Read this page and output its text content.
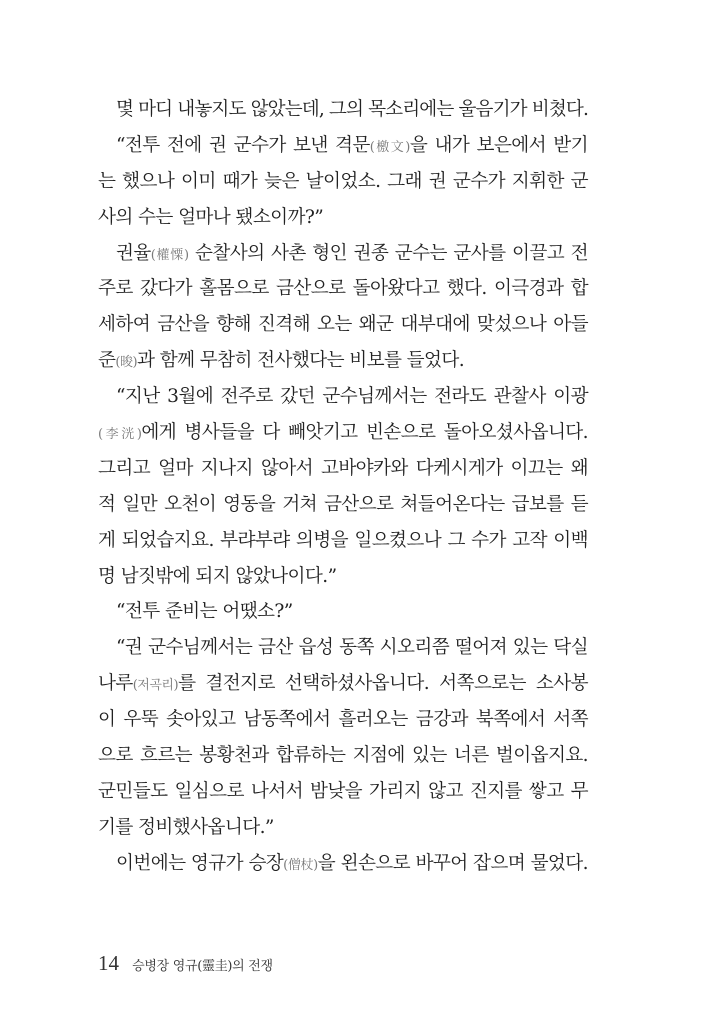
몇 마디 내놓지도 않았는데, 그의 목소리에는 울음기가 비쳤다.
“전투 전에 권 군수가 보낸 격문(檄文)을 내가 보은에서 받기
는 했으나 이미 때가 늦은 날이었소. 그래 권 군수가 지휘한 군
사의 수는 얼마나 됐소이까?”
권율(權慄) 순찰사의 사촌 형인 권종 군수는 군사를 이끌고 전
주로 갔다가 홀몸으로 금산으로 돌아왔다고 했다. 이극경과 합
세하여 금산을 향해 진격해 오는 왜군 대부대에 맞섰으나 아들
준(晙)과 함께 무참히 전사했다는 비보를 들었다.
“지난 3월에 전주로 갔던 군수님께서는 전라도 관찰사 이광
(李洸)에게 병사들을 다 빼앗기고 빈손으로 돌아오셨사옵니다.
그리고 얼마 지나지 않아서 고바야카와 다케시게가 이끄는 왜
적 일만 오천이 영동을 거쳐 금산으로 쳐들어온다는 급보를 듣
게 되었습지요. 부랴부랴 의병을 일으켰으나 그 수가 고작 이백
명 남짓밖에 되지 않았나이다.”
“전투 준비는 어땠소?”
“권 군수님께서는 금산 읍성 동쪽 시오리쯤 떨어져 있는 닥실
나루(저곡리)를 결전지로 선택하셨사옵니다. 서쪽으로는 소사봉
이 우뚝 솟아있고 남동쪽에서 흘러오는 금강과 북쪽에서 서쪽
으로 흐르는 봉황천과 합류하는 지점에 있는 너른 벌이옵지요.
군민들도 일심으로 나서서 밤낮을 가리지 않고 진지를 쌓고 무
기를 정비했사옵니다.”
이번에는 영규가 승장(僧杖)을 왼손으로 바꾸어 잡으며 물었다.
14 승병장 영규(靈圭)의 전쟁
